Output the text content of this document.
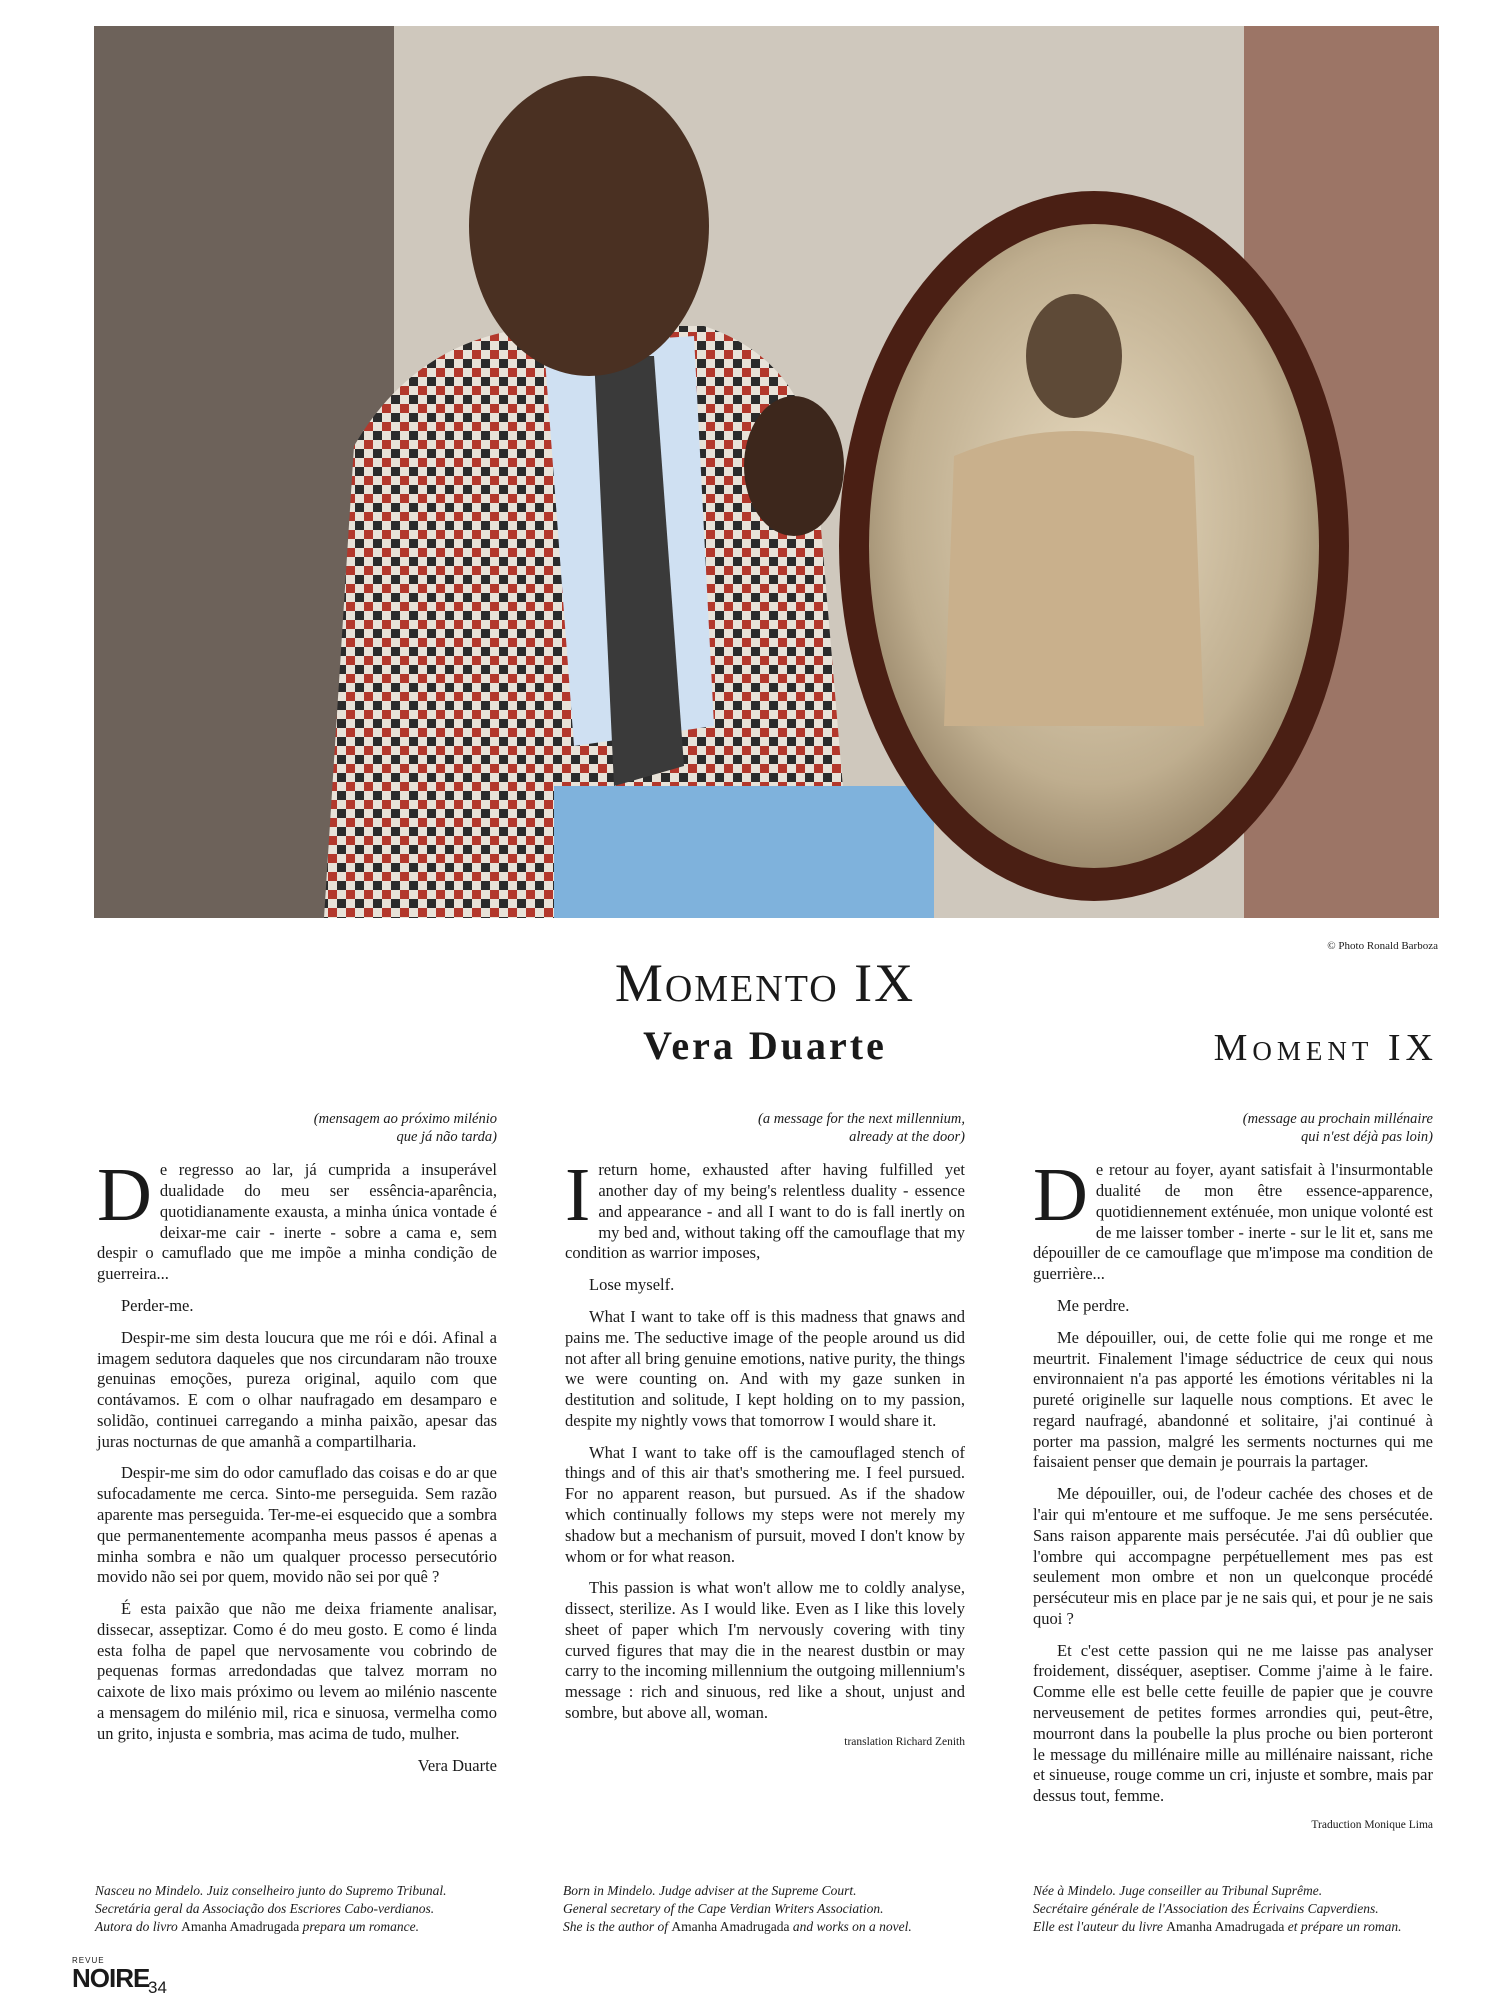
© Photo Ronald Barboza
Momento IX
Vera Duarte	Moment IX
(mensagem ao próximo milénio
que já não tarda)

De regresso ao lar, já cumprida a insuperável dualidade do meu ser essência-aparência, quotidianamente exausta, a minha única vontade é deixar-me cair - inerte - sobre a cama e, sem despir o camuflado que me impõe a minha condição de guerreira...

Perder-me.

Despir-me sim desta loucura que me rói e dói. Afinal a imagem sedutora daqueles que nos circundaram não trouxe genuinas emoções, pureza original, aquilo com que contávamos. E com o olhar naufragado em desamparo e solidão, continuei carregando a minha paixão, apesar das juras nocturnas de que amanhã a compartilharia.

Despir-me sim do odor camuflado das coisas e do ar que sufocadamente me cerca. Sinto-me perseguida. Sem razão aparente mas perseguida. Ter-me-ei esquecido que a sombra que permanentemente acompanha meus passos é apenas a minha sombra e não um qualquer processo persecutório movido não sei por quem, movido não sei por quê ?

É esta paixão que não me deixa friamente analisar, dissecar, asseptizar. Como é do meu gosto. E como é linda esta folha de papel que nervosamente vou cobrindo de pequenas formas arredondadas que talvez morram no caixote de lixo mais próximo ou levem ao milénio nascente a mensagem do milénio mil, rica e sinuosa, vermelha como un grito, injusta e sombria, mas acima de tudo, mulher.

Vera Duarte

(a message for the next millennium,
already at the door)

Ireturn home, exhausted after having fulfilled yet another day of my being's relentless duality - essence and appearance - and all I want to do is fall inertly on my bed and, without taking off the camouflage that my condition as warrior imposes,

Lose myself.

What I want to take off is this madness that gnaws and pains me. The seductive image of the people around us did not after all bring genuine emotions, native purity, the things we were counting on. And with my gaze sunken in destitution and solitude, I kept holding on to my passion, despite my nightly vows that tomorrow I would share it.

What I want to take off is the camouflaged stench of things and of this air that's smothering me. I feel pursued. For no apparent reason, but pursued. As if the shadow which continually follows my steps were not merely my shadow but a mechanism of pursuit, moved I don't know by whom or for what reason.

This passion is what won't allow me to coldly analyse, dissect, sterilize. As I would like. Even as I like this lovely sheet of paper which I'm nervously covering with tiny curved figures that may die in the nearest dustbin or may carry to the incoming millennium the outgoing millennium's message : rich and sinuous, red like a shout, unjust and sombre, but above all, woman.

translation Richard Zenith

(message au prochain millénaire
qui n'est déjà pas loin)

De retour au foyer, ayant satisfait à l'insurmontable dualité de mon être essence-apparence, quotidiennement exténuée, mon unique volonté est de me laisser tomber - inerte - sur le lit et, sans me dépouiller de ce camouflage que m'impose ma condition de guerrière...

Me perdre.

Me dépouiller, oui, de cette folie qui me ronge et me meurtrit. Finalement l'image séductrice de ceux qui nous environnaient n'a pas apporté les émotions véritables ni la pureté originelle sur laquelle nous comptions. Et avec le regard naufragé, abandonné et solitaire, j'ai continué à porter ma passion, malgré les serments nocturnes qui me faisaient penser que demain je pourrais la partager.

Me dépouiller, oui, de l'odeur cachée des choses et de l'air qui m'entoure et me suffoque. Je me sens persécutée. Sans raison apparente mais persécutée. J'ai dû oublier que l'ombre qui accompagne perpétuellement mes pas est seulement mon ombre et non un quelconque procédé persécuteur mis en place par je ne sais qui, et pour je ne sais quoi ?

Et c'est cette passion qui ne me laisse pas analyser froidement, disséquer, aseptiser. Comme j'aime à le faire. Comme elle est belle cette feuille de papier que je couvre nerveusement de petites formes arrondies qui, peut-être, mourront dans la poubelle la plus proche ou bien porteront le message du millénaire mille au millénaire naissant, riche et sinueuse, rouge comme un cri, injuste et sombre, mais par dessus tout, femme.

Traduction Monique Lima

Nasceu no Mindelo. Juiz conselheiro junto do Supremo Tribunal.
Secretária geral da Associação dos Escriores Cabo-verdianos.
Autora do livro Amanha Amadrugada prepara um romance.
Born in Mindelo. Judge adviser at the Supreme Court.
General secretary of the Cape Verdian Writers Association.
She is the author of Amanha Amadrugada and works on a novel.
Née à Mindelo. Juge conseiller au Tribunal Suprême.
Secrétaire générale de l'Association des Écrivains Capverdiens.
Elle est l'auteur du livre Amanha Amadrugada et prépare un roman.
REVUE
NOIRE
34
